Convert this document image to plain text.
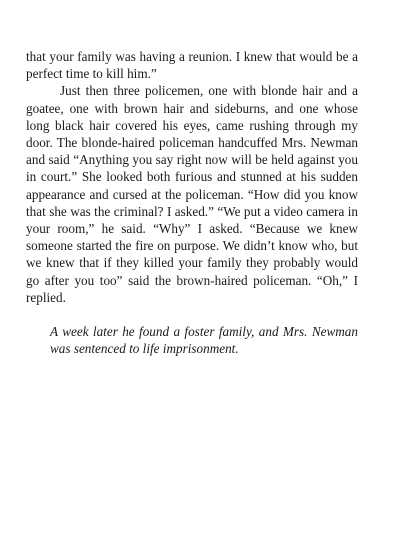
that your family was having a reunion. I knew that would be a perfect time to kill him.”

Just then three policemen, one with blonde hair and a goatee, one with brown hair and sideburns, and one whose long black hair covered his eyes, came rushing through my door. The blonde-haired policeman handcuffed Mrs. Newman and said “Anything you say right now will be held against you in court.” She looked both furious and stunned at his sudden appearance and cursed at the policeman. “How did you know that she was the criminal? I asked.” “We put a video camera in your room,” he said. “Why” I asked. “Because we knew someone started the fire on purpose. We didn’t know who, but we knew that if they killed your family they probably would go after you too” said the brown-haired policeman. “Oh,” I replied.

A week later he found a foster family, and Mrs. Newman was sentenced to life imprisonment.
